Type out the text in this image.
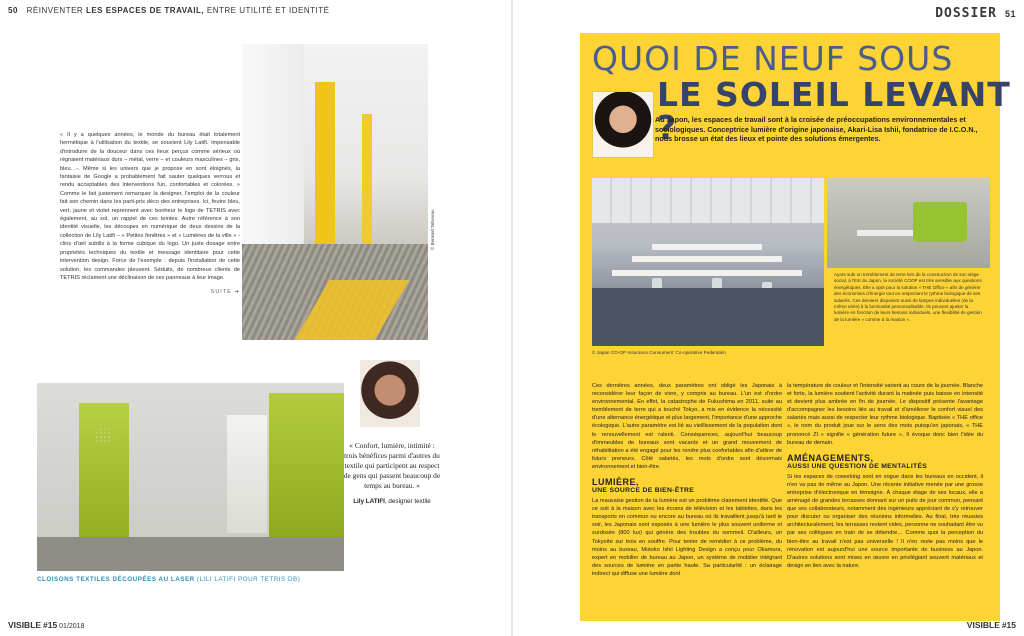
50 RÉINVENTER LES ESPACES DE TRAVAIL, ENTRE UTILITÉ ET IDENTITÉ	DOSSIER 51
« Il y a quelques années, le monde du bureau était totalement hermétique à l'utilisation du textile, se souvient Lily Latifi. Impensable d'introduire de la douceur dans ces lieux perçus comme sérieux où régnaient matériaux durs – métal, verre – et couleurs masculines – gris, bleu…-. Même si les univers que je propose en sont éloignés, la fantaisie de Google a probablement fait sauter quelques verrous et rendu acceptables des interventions fun, confortables et colorées. » Comme le fait justement remarquer la designer, l'emploi de la couleur fait son chemin dans les parti-pris déco des entreprises. Ici, feutre bleu, vert, jaune et violet reprennent avec bonheur le logo de TETRIS avec également, au sol, un rappel de ces teintes. Autre référence à son identité visuelle, les découpes en numérique de deux dessins de la collection de Lily Latifi – « Petites fenêtres » et « Lumières de la ville » - clins d'œil subtils à la forme cubique du logo. Un juste dosage entre propriétés techniques du textile et message identitaire pour cette intervention design. Force de l'exemple : depuis l'installation de cette solution, les commandes pleuvent. Séduits, de nombreux clients de TETRIS réclament une déclinaison de ces panneaux à leur image.
SUITE ➜
© Bernard Tabureau
CLOISONS TEXTILES DÉCOUPÉES AU LASER (LILI LATIFI POUR TETRIS DB)
« Confort, lumière, intimité : trois bénéfices parmi d'autres du textile qui participent au respect de gens qui passent beaucoup de temps au bureau. »
Lily LATIFI, designer textile
VISIBLE #15 01/2018
QUOI DE NEUF SOUS
LE SOLEIL LEVANT ?
Au Japon, les espaces de travail sont à la croisée de préoccupations environnementales et sociologiques. Conceptrice lumière d'origine japonaise, Akari-Lisa Ishii, fondatrice de I.C.O.N., nous brosse un état des lieux et pointe des solutions émergentes.
Ayant subi un tremblement de terre lors de la construction de son siège social, à l'Est du Japon, la société COOP est très sensible aux questions énergétiques. Elle a opté pour la solution « THE Office » afin de générer des économies d'énergie tout en respectant le rythme biologique de ses salariés. Ces derniers disposent aussi de lampes individuelles (de la même série) à la luminosité personnalisable. Ils peuvent ajuster la lumière en fonction de leurs besoins individuels, une flexibilité de gestion de la lumière « comme à la maison ».
© Japan CO-OP Insurance Consumers' Co-operative Federation
Ces dernières années, deux paramètres ont obligé les Japonais à reconsidérer leur façon de vivre, y compris au bureau. L'un est d'ordre environnemental. En effet, la catastrophe de Fukushima en 2011, suite au tremblement de terre qui a touché Tokyo, a mis en évidence la nécessité d'une alternance énergétique et plus largement, l'importance d'une approche écologique. L'autre paramètre est lié au vieillissement de la population dont le renouvellement est ralenti. Conséquences, aujourd'hui beaucoup d'immeubles de bureaux sont vacants et un grand mouvement de réhabilitation a été engagé pour les rendre plus confortables afin d'attirer de futurs preneurs. Côté salariés, les mots d'ordre sont désormais environnement et bien-être.
LUMIÈRE,
UNE SOURCE DE BIEN-ÊTRE
La mauvaise gestion de la lumière est un problème clairement identifié. Que ce soit à la maison avec les écrans de télévision et les tablettes, dans les transports en commun ou encore au bureau où ils travaillent jusqu'à tard le soir, les Japonais sont exposés à une lumière le plus souvent uniforme et surdosée (800 lux) qui génère des troubles du sommeil. D'ailleurs, un Tokyoïte sur trois en souffre. Pour tenter de remédier à ce problème, du moins au bureau, Motoko Ishii Lighting Design a conçu pour Okamura, expert en mobilier de bureau au Japon, un système de mobilier intégrant des sources de lumière en partie haute. Sa particularité : un éclairage indirect qui diffuse une lumière dont
la température de couleur et l'intensité varient au cours de la journée. Blanche et forte, la lumière soutient l'activité durant la matinée puis baisse en intensité et devient plus ambrée en fin de journée. Le dispositif présente l'avantage d'accompagner les besoins liés au travail et d'améliorer le confort visuel des salariés mais aussi de respecter leur rythme biologique. Baptisée « THE office », le nom du produit joue sur le sens des mots puisqu'en japonais, « THE prononcé ZI » signifie « génération future ». Il évoque donc bien l'idée du bureau de demain.
AMÉNAGEMENTS,
AUSSI UNE QUESTION DE MENTALITÉS
Si les espaces de coworking sont en vogue dans les bureaux en occident, il n'en va pas de même au Japon. Une récente initiative menée par une grosse entreprise d'électronique en témoigne. À chaque étage de ses locaux, elle a aménagé de grandes terrasses donnant sur un puits de jour commun, pensant que ses collaborateurs, notamment des ingénieurs appréciant de s'y retrouver pour discuter ou organiser des réunions informelles. Au final, très réussies architecturalement, les terrasses restent vides, personne ne souhaitant être vu par ses collègues en train de se détendre… Comme quoi la perception du bien-être au travail n'est pas universelle ! Il n'en reste pas moins que le rénovation est aujourd'hui une source importante de business au Japon. D'autres solutions sont mises en œuvre en privilégiant souvent matériaux et design en lien avec la nature.
VISIBLE #15
